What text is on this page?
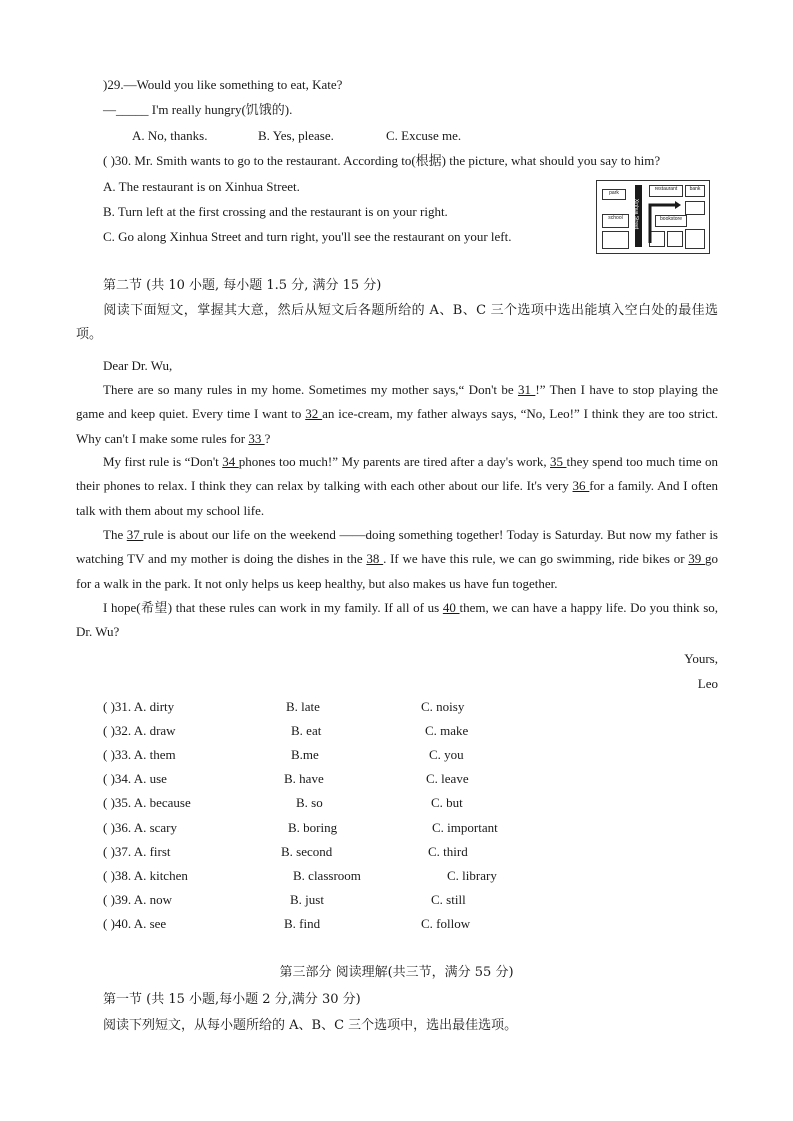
)29.—Would you like something to eat, Kate?
—_____ I'm really hungry(饥饿的).
A. No, thanks.	B. Yes, please.	C. Excuse me.
( )30. Mr. Smith wants to go to the restaurant. According to(根据) the picture, what should you say to him?
A. The restaurant is on Xinhua Street.
B. Turn left at the first crossing and the restaurant is on your right.
C. Go along Xinhua Street and turn right, you'll see the restaurant on your left.
park
restaurant	bank
school	bookstore
Xinhua Street
第二节 (共 10 小题, 每小题 1.5 分, 满分 15 分)
阅读下面短文，掌握其大意，然后从短文后各题所给的 A、B、C 三个选项中选出能填入空白处的最佳选项。
Dear Dr. Wu,
There are so many rules in my home. Sometimes my mother says,“ Don't be 31 !” Then I have to stop playing the game and keep quiet. Every time I want to 32 an ice-cream, my father always says, “No, Leo!” I think they are too strict. Why can't I make some rules for 33 ?
My first rule is “Don't 34 phones too much!” My parents are tired after a day's work, 35 they spend too much time on their phones to relax. I think they can relax by talking with each other about our life. It's very 36 for a family. And I often talk with them about my school life.
The 37 rule is about our life on the weekend ——doing something together! Today is Saturday. But now my father is watching TV and my mother is doing the dishes in the 38 . If we have this rule, we can go swimming, ride bikes or 39 go for a walk in the park. It not only helps us keep healthy, but also makes us have fun together.
I hope(希望) that these rules can work in my family. If all of us 40 them, we can have a happy life. Do you think so, Dr. Wu?
Yours,
Leo
( )31. A. dirty	B. late	C. noisy
( )32. A. draw	B. eat	C. make
( )33. A. them	B.me	C. you
( )34. A. use	B. have	C. leave
( )35. A. because	B. so	C. but
( )36. A. scary	B. boring	C. important
( )37. A. first	B. second	C. third
( )38. A. kitchen	B. classroom	C. library
( )39. A. now	B. just	C. still
( )40. A. see	B. find	C. follow
第三部分 阅读理解(共三节，满分 55 分)
第一节 (共 15 小题,每小题 2 分,满分 30 分)
阅读下列短文，从每小题所给的 A、B、C 三个选项中，选出最佳选项。
